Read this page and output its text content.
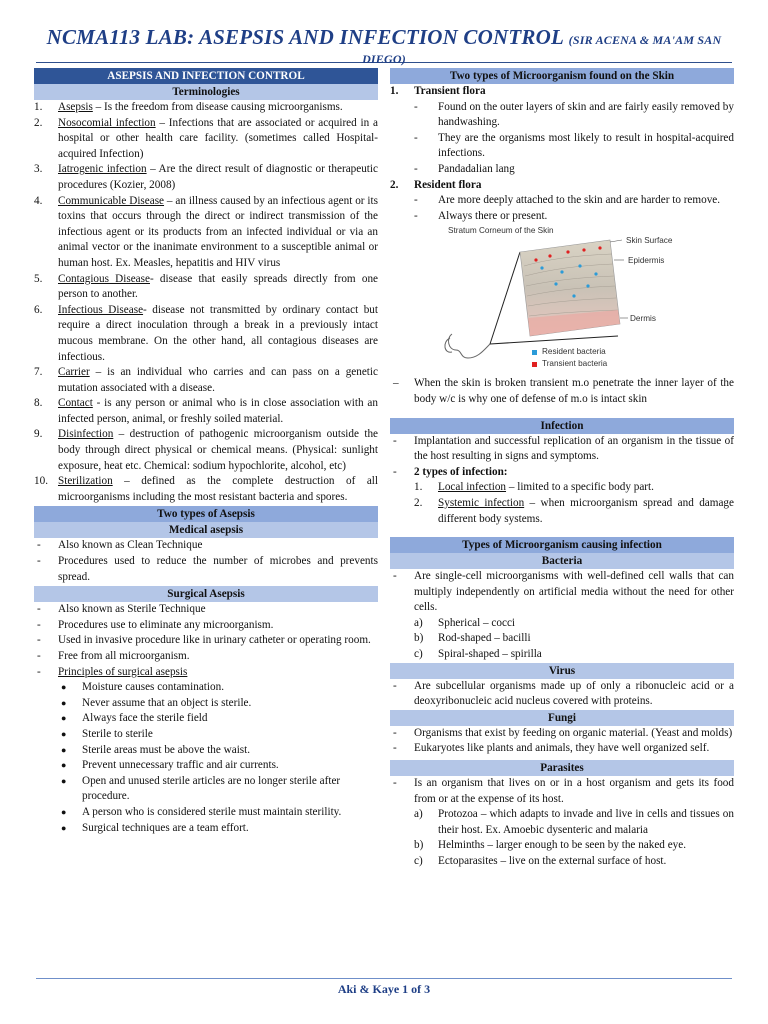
NCMA113 LAB: ASEPSIS AND INFECTION CONTROL (SIR ACENA & MA'AM SAN DIEGO)
ASEPSIS AND INFECTION CONTROL
Terminologies
1. Asepsis – Is the freedom from disease causing microorganisms.
2. Nosocomial infection – Infections that are associated or acquired in a hospital or other health care facility. (sometimes called Hospital-acquired Infection)
3. Iatrogenic infection – Are the direct result of diagnostic or therapeutic procedures (Kozier, 2008)
4. Communicable Disease – an illness caused by an infectious agent or its toxins that occurs through the direct or indirect transmission of the infectious agent or its products from an infected individual or via an animal vector or the inanimate environment to a susceptible animal or human host. Ex. Measles, hepatitis and HIV virus
5. Contagious Disease- disease that easily spreads directly from one person to another.
6. Infectious Disease- disease not transmitted by ordinary contact but require a direct inoculation through a break in a previously intact mucous membrane. On the other hand, all contagious diseases are infectious.
7. Carrier – is an individual who carries and can pass on a genetic mutation associated with a disease.
8. Contact - is any person or animal who is in close association with an infected person, animal, or freshly soiled material.
9. Disinfection – destruction of pathogenic microorganism outside the body through direct physical or chemical means. (Physical: sunlight exposure, heat etc. Chemical: sodium hypochlorite, alcohol, etc)
10. Sterilization – defined as the complete destruction of all microorganisms including the most resistant bacteria and spores.
Two types of Asepsis
Medical asepsis
- Also known as Clean Technique
- Procedures used to reduce the number of microbes and prevents spread.
Surgical Asepsis
- Also known as Sterile Technique
- Procedures use to eliminate any microorganism.
- Used in invasive procedure like in urinary catheter or operating room.
- Free from all microorganism.
- Principles of surgical asepsis
● Moisture causes contamination.
● Never assume that an object is sterile.
● Always face the sterile field
● Sterile to sterile
● Sterile areas must be above the waist.
● Prevent unnecessary traffic and air currents.
● Open and unused sterile articles are no longer sterile after procedure.
● A person who is considered sterile must maintain sterility.
● Surgical techniques are a team effort.
Two types of Microorganism found on the Skin
1. Transient flora
- Found on the outer layers of skin and are fairly easily removed by handwashing.
- They are the organisms most likely to result in hospital-acquired infections.
- Pandadalian lang
2. Resident flora
- Are more deeply attached to the skin and are harder to remove.
- Always there or present.
Stratum Corneum of the Skin
Skin Surface
Epidermis
Dermis
Resident bacteria
Transient bacteria
– When the skin is broken transient m.o penetrate the inner layer of the body w/c is why one of defense of m.o is intact skin
Infection
- Implantation and successful replication of an organism in the tissue of the host resulting in signs and symptoms.
- 2 types of infection:
1. Local infection – limited to a specific body part.
2. Systemic infection – when microorganism spread and damage different body systems.
Types of Microorganism causing infection
Bacteria
- Are single-cell microorganisms with well-defined cell walls that can multiply independently on artificial media without the need for other cells.
a) Spherical – cocci
b) Rod-shaped – bacilli
c) Spiral-shaped – spirilla
Virus
- Are subcellular organisms made up of only a ribonucleic acid or a deoxyribonucleic acid nucleus covered with proteins.
Fungi
- Organisms that exist by feeding on organic material. (Yeast and molds)
- Eukaryotes like plants and animals, they have well organized self.
Parasites
- Is an organism that lives on or in a host organism and gets its food from or at the expense of its host.
a) Protozoa – which adapts to invade and live in cells and tissues on their host. Ex. Amoebic dysenteric and malaria
b) Helminths – larger enough to be seen by the naked eye.
c) Ectoparasites – live on the external surface of host.
Aki & Kaye 1 of 3
